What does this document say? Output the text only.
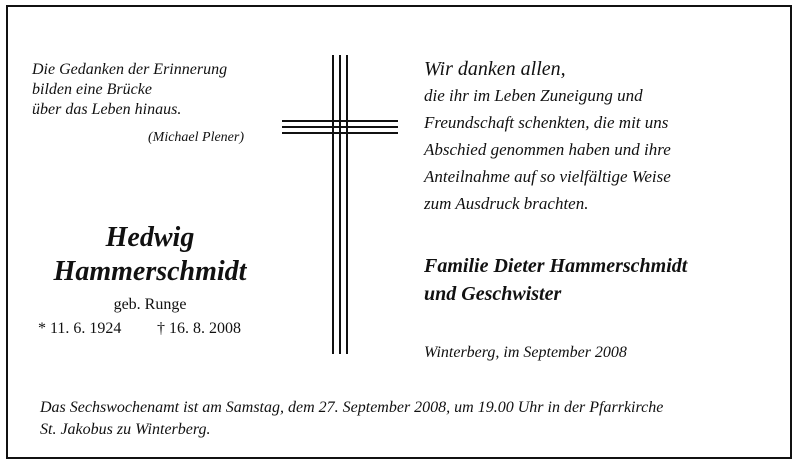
Die Gedanken der Erinnerung
bilden eine Brücke
über das Leben hinaus.
(Michael Plener)
Hedwig
Hammerschmidt
geb. Runge
* 11. 6. 1924 † 16. 8. 2008
Wir danken allen,
die ihr im Leben Zuneigung und
Freundschaft schenkten, die mit uns
Abschied genommen haben und ihre
Anteilnahme auf so vielfältige Weise
zum Ausdruck brachten.
Familie Dieter Hammerschmidt
und Geschwister
Winterberg, im September 2008
Das Sechswochenamt ist am Samstag, dem 27. September 2008, um 19.00 Uhr in der Pfarrkirche
St. Jakobus zu Winterberg.
